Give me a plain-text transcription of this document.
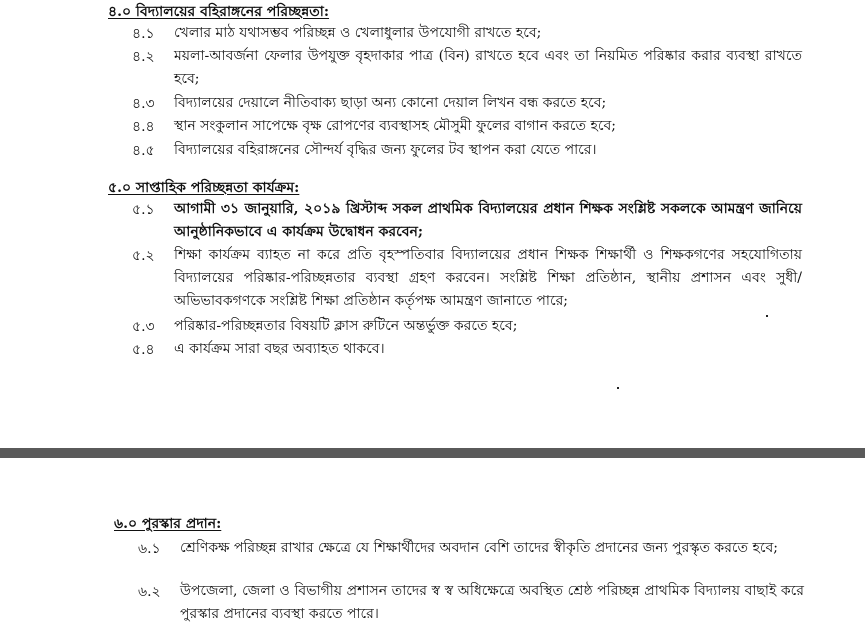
৪.০ বিদ্যালয়ের বহিরাঙ্গনের পরিচ্ছন্নতা:
৪.১ খেলার মাঠ যথাসম্ভব পরিচ্ছন্ন ও খেলাধুলার উপযোগী রাখতে হবে;
৪.২ ময়লা-আবর্জনা ফেলার উপযুক্ত বৃহদাকার পাত্র (বিন) রাখতে হবে এবং তা নিয়মিত পরিষ্কার করার ব্যবস্থা রাখতে হবে;
৪.৩ বিদ্যালয়ের দেয়ালে নীতিবাক্য ছাড়া অন্য কোনো দেয়াল লিখন বন্ধ করতে হবে;
৪.৪ স্থান সংকুলান সাপেক্ষে বৃক্ষ রোপণের ব্যবস্থাসহ মৌসুমী ফুলের বাগান করতে হবে;
৪.৫ বিদ্যালয়ের বহিরাঙ্গনের সৌন্দর্য বৃদ্ধির জন্য ফুলের টব স্থাপন করা যেতে পারে।
৫.০ সাপ্তাহিক পরিচ্ছন্নতা কার্যক্রম:
৫.১ আগামী ৩১ জানুয়ারি, ২০১৯ খ্রিস্টাব্দ সকল প্রাথমিক বিদ্যালয়ের প্রধান শিক্ষক সংশ্লিষ্ট সকলকে আমন্ত্রণ জানিয়ে আনুষ্ঠানিকভাবে এ কার্যক্রম উদ্বোধন করবেন;
৫.২ শিক্ষা কার্যক্রম ব্যাহত না করে প্রতি বৃহস্পতিবার বিদ্যালয়ের প্রধান শিক্ষক শিক্ষার্থী ও শিক্ষকগণের সহযোগিতায় বিদ্যালয়ের পরিষ্কার-পরিচ্ছন্নতার ব্যবস্থা গ্রহণ করবেন। সংশ্লিষ্ট শিক্ষা প্রতিষ্ঠান, স্থানীয় প্রশাসন এবং সুধী/অভিভাবকগণকে সংশ্লিষ্ট শিক্ষা প্রতিষ্ঠান কর্তৃপক্ষ আমন্ত্রণ জানাতে পারে;
৫.৩ পরিষ্কার-পরিচ্ছন্নতার বিষয়টি ক্লাস রুটিনে অন্তর্ভুক্ত করতে হবে;
৫.৪ এ কার্যক্রম সারা বছর অব্যাহত থাকবে।
৬.০ পুরস্কার প্রদান:
৬.১ শ্রেণিকক্ষ পরিচ্ছন্ন রাখার ক্ষেত্রে যে শিক্ষার্থীদের অবদান বেশি তাদের স্বীকৃতি প্রদানের জন্য পুরস্কৃত করতে হবে;
৬.২ উপজেলা, জেলা ও বিভাগীয় প্রশাসন তাদের স্ব স্ব অধিক্ষেত্রে অবস্থিত শ্রেষ্ঠ পরিচ্ছন্ন প্রাথমিক বিদ্যালয় বাছাই করে পুরস্কার প্রদানের ব্যবস্থা করতে পারে।
